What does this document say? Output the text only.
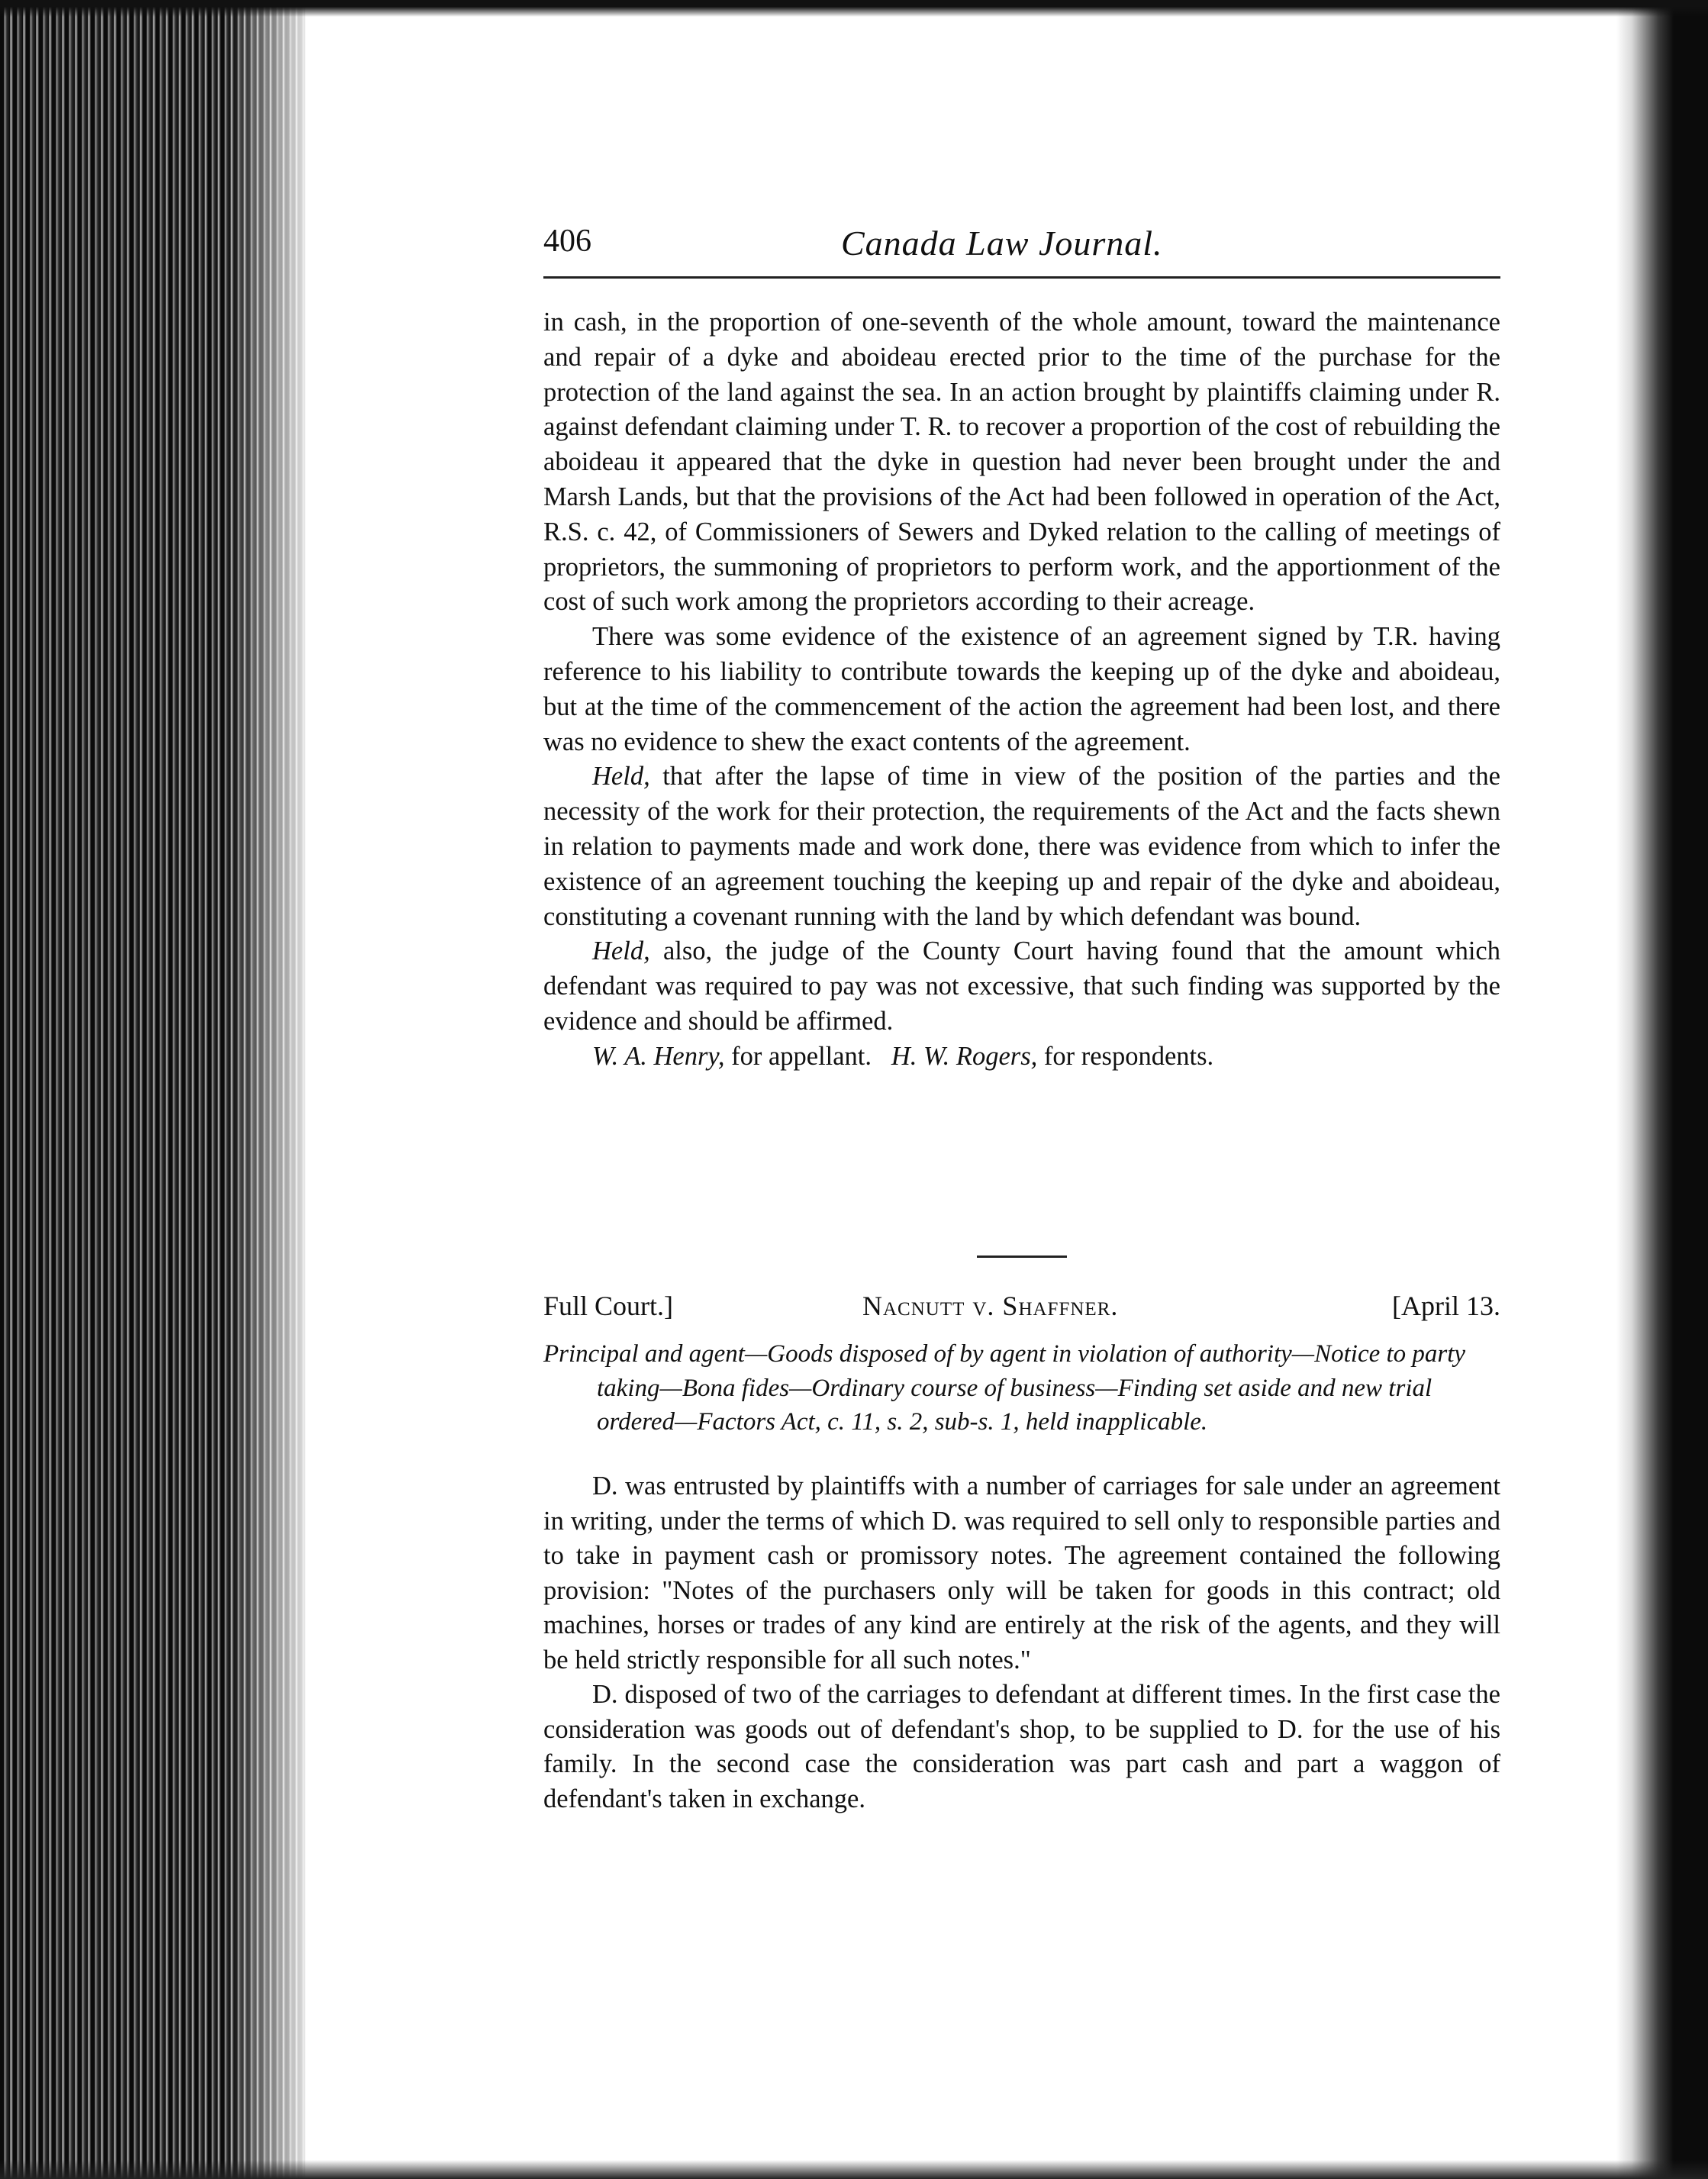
406	Canada Law Journal.

in cash, in the proportion of one-seventh of the whole amount, toward the maintenance and repair of a dyke and aboideau erected prior to the time of the purchase for the protection of the land against the sea. In an action brought by plaintiffs claiming under R. against defendant claiming under T. R. to recover a proportion of the cost of rebuilding the aboideau it appeared that the dyke in question had never been brought under the and Marsh Lands, but that the provisions of the Act had been followed in operation of the Act, R.S. c. 42, of Commissioners of Sewers and Dyked relation to the calling of meetings of proprietors, the summoning of proprietors to perform work, and the apportionment of the cost of such work among the proprietors according to their acreage.

There was some evidence of the existence of an agreement signed by T.R. having reference to his liability to contribute towards the keeping up of the dyke and aboideau, but at the time of the commencement of the action the agreement had been lost, and there was no evidence to shew the exact contents of the agreement.

Held, that after the lapse of time in view of the position of the parties and the necessity of the work for their protection, the requirements of the Act and the facts shewn in relation to payments made and work done, there was evidence from which to infer the existence of an agreement touching the keeping up and repair of the dyke and aboideau, constituting a covenant running with the land by which defendant was bound.

Held, also, the judge of the County Court having found that the amount which defendant was required to pay was not excessive, that such finding was supported by the evidence and should be affirmed.

W. A. Henry, for appellant. H. W. Rogers, for respondents.

Full Court.]	Nacnutt v. Shaffner.	[April 13.

Principal and agent—Goods disposed of by agent in violation of authority—Notice to party taking—Bona fides—Ordinary course of business—Finding set aside and new trial ordered—Factors Act, c. 11, s. 2, sub-s. 1, held inapplicable.

D. was entrusted by plaintiffs with a number of carriages for sale under an agreement in writing, under the terms of which D. was required to sell only to responsible parties and to take in payment cash or promissory notes. The agreement contained the following provision: "Notes of the purchasers only will be taken for goods in this contract; old machines, horses or trades of any kind are entirely at the risk of the agents, and they will be held strictly responsible for all such notes."

D. disposed of two of the carriages to defendant at different times. In the first case the consideration was goods out of defendant's shop, to be supplied to D. for the use of his family. In the second case the consideration was part cash and part a waggon of defendant's taken in exchange.
